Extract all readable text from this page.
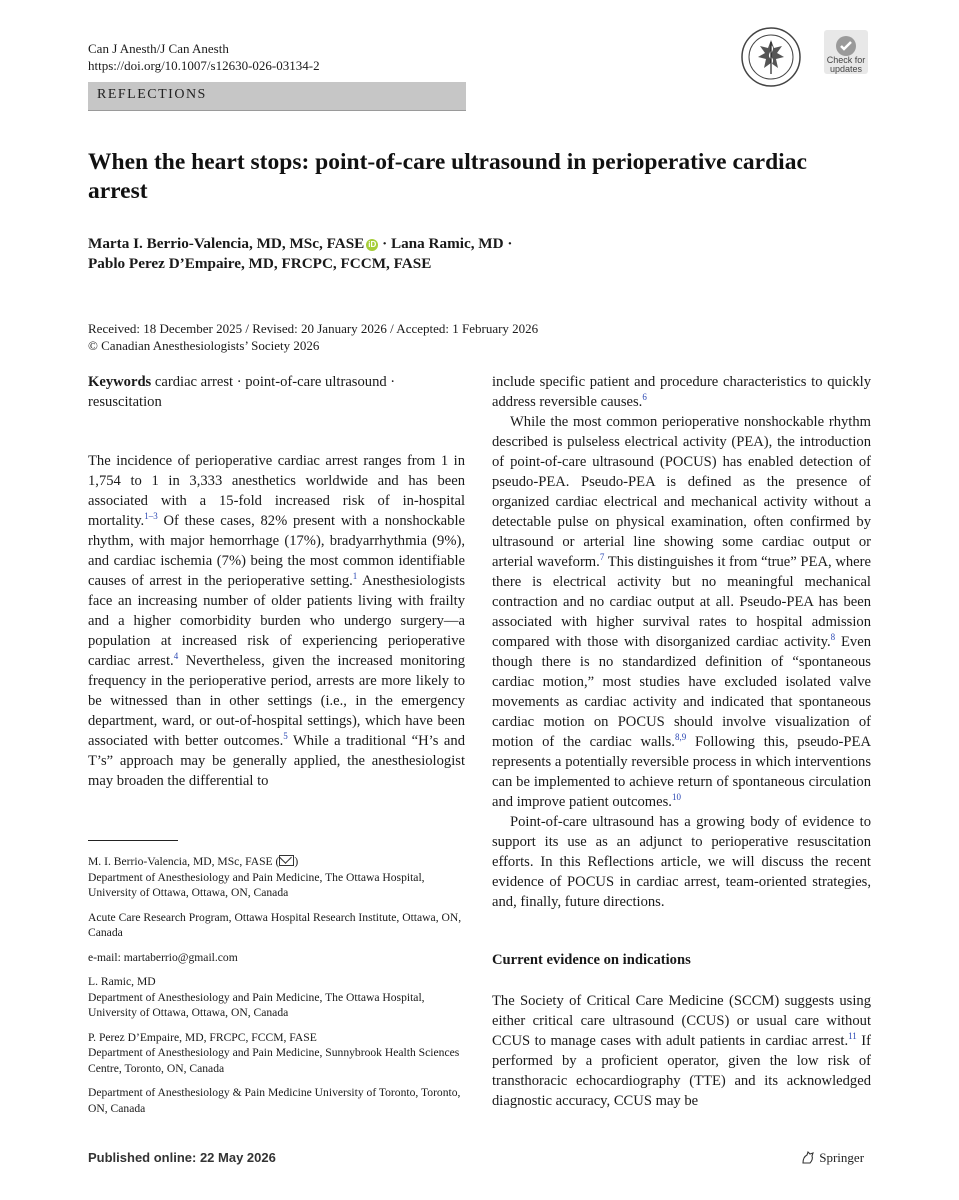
Can J Anesth/J Can Anesth
https://doi.org/10.1007/s12630-026-03134-2	Check for
updates
REFLECTIONS
When the heart stops: point-of-care ultrasound in perioperative cardiac arrest
Marta I. Berrio-Valencia, MD, MSc, FASE iD · Lana Ramic, MD ·
Pablo Perez D’Empaire, MD, FRCPC, FCCM, FASE
Received: 18 December 2025 / Revised: 20 January 2026 / Accepted: 1 February 2026
© Canadian Anesthesiologists’ Society 2026

Keywords cardiac arrest · point-of-care ultrasound · resuscitation

The incidence of perioperative cardiac arrest ranges from 1 in 1,754 to 1 in 3,333 anesthetics worldwide and has been associated with a 15-fold increased risk of in-hospital mortality.$^{1-3}$ Of these cases, 82% present with a nonshockable rhythm, with major hemorrhage (17%), bradyarrhythmia (9%), and cardiac ischemia (7%) being the most common identifiable causes of arrest in the perioperative setting.$^1$ Anesthesiologists face an increasing number of older patients living with frailty and a higher comorbidity burden who undergo surgery—a population at increased risk of experiencing perioperative cardiac arrest.$^4$ Nevertheless, given the increased monitoring frequency in the perioperative period, arrests are more likely to be witnessed than in other settings (i.e., in the emergency department, ward, or out-of-hospital settings), which have been associated with better outcomes.$^5$ While a traditional “H’s and T’s” approach may be generally applied, the anesthesiologist may broaden the differential to

M. I. Berrio-Valencia, MD, MSc, FASE ( )
Department of Anesthesiology and Pain Medicine, The Ottawa Hospital, University of Ottawa, Ottawa, ON, Canada

Acute Care Research Program, Ottawa Hospital Research Institute, Ottawa, ON, Canada

e-mail: martaberrio@gmail.com

L. Ramic, MD
Department of Anesthesiology and Pain Medicine, The Ottawa Hospital, University of Ottawa, Ottawa, ON, Canada

P. Perez D’Empaire, MD, FRCPC, FCCM, FASE
Department of Anesthesiology and Pain Medicine, Sunnybrook Health Sciences Centre, Toronto, ON, Canada

Department of Anesthesiology & Pain Medicine University of Toronto, Toronto, ON, Canada

include specific patient and procedure characteristics to quickly address reversible causes.$^6$

While the most common perioperative nonshockable rhythm described is pulseless electrical activity (PEA), the introduction of point-of-care ultrasound (POCUS) has enabled detection of pseudo-PEA. Pseudo-PEA is defined as the presence of organized cardiac electrical and mechanical activity without a detectable pulse on physical examination, often confirmed by ultrasound or arterial line showing some cardiac output or arterial waveform.$^7$ This distinguishes it from “true” PEA, where there is electrical activity but no meaningful mechanical contraction and no cardiac output at all. Pseudo-PEA has been associated with higher survival rates to hospital admission compared with those with disorganized cardiac activity.$^8$ Even though there is no standardized definition of “spontaneous cardiac motion,” most studies have excluded isolated valve movements as cardiac activity and indicated that spontaneous cardiac motion on POCUS should involve visualization of motion of the cardiac walls.$^{8,9}$ Following this, pseudo-PEA represents a potentially reversible process in which interventions can be implemented to achieve return of spontaneous circulation and improve patient outcomes.$^{10}$

Point-of-care ultrasound has a growing body of evidence to support its use as an adjunct to perioperative resuscitation efforts. In this Reflections article, we will discuss the recent evidence of POCUS in cardiac arrest, team-oriented strategies, and, finally, future directions.

Current evidence on indications

The Society of Critical Care Medicine (SCCM) suggests using either critical care ultrasound (CCUS) or usual care without CCUS to manage cases with adult patients in cardiac arrest.$^{11}$ If performed by a proficient operator, given the low risk of transthoracic echocardiography (TTE) and its acknowledged diagnostic accuracy, CCUS may be

Published online: 22 May 2026	Springer
